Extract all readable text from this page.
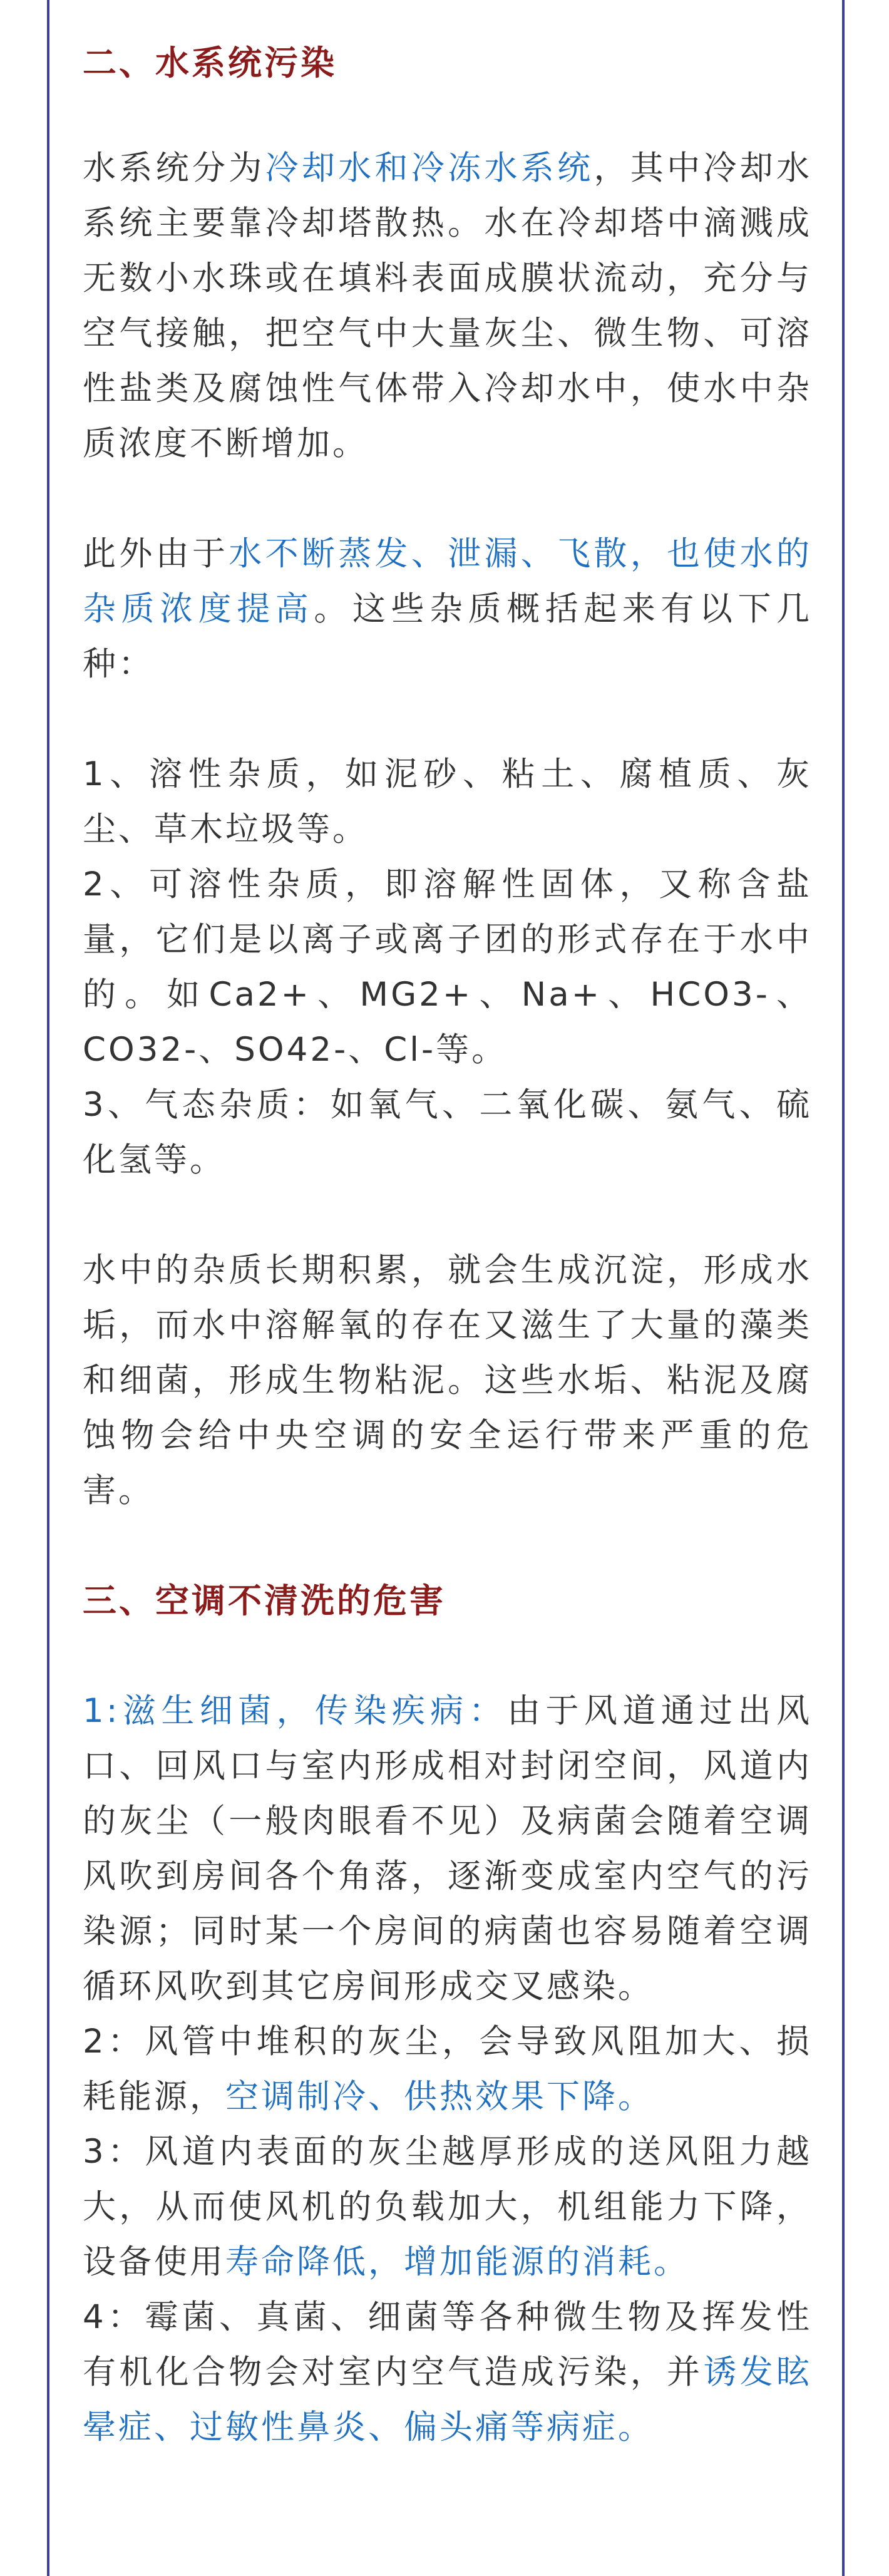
二、水系统污染

水系统分为冷却水和冷冻水系统，其中冷却水系统主要靠冷却塔散热。水在冷却塔中滴溅成无数小水珠或在填料表面成膜状流动，充分与空气接触，把空气中大量灰尘、微生物、可溶性盐类及腐蚀性气体带入冷却水中，使水中杂质浓度不断增加。

此外由于水不断蒸发、泄漏、飞散，也使水的杂质浓度提高。这些杂质概括起来有以下几种：

1、溶性杂质，如泥砂、粘土、腐植质、灰尘、草木垃圾等。

2、可溶性杂质，即溶解性固体，又称含盐量，它们是以离子或离子团的形式存在于水中的。如Ca2+、MG2+、Na+、HCO3-、CO32-、SO42-、Cl-等。

3、气态杂质：如氧气、二氧化碳、氨气、硫化氢等。

水中的杂质长期积累，就会生成沉淀，形成水垢，而水中溶解氧的存在又滋生了大量的藻类和细菌，形成生物粘泥。这些水垢、粘泥及腐蚀物会给中央空调的安全运行带来严重的危害。

三、空调不清洗的危害

1:滋生细菌，传染疾病：由于风道通过出风口、回风口与室内形成相对封闭空间，风道内的灰尘（一般肉眼看不见）及病菌会随着空调风吹到房间各个角落，逐渐变成室内空气的污染源；同时某一个房间的病菌也容易随着空调循环风吹到其它房间形成交叉感染。

2：风管中堆积的灰尘，会导致风阻加大、损耗能源，空调制冷、供热效果下降。

3：风道内表面的灰尘越厚形成的送风阻力越大，从而使风机的负载加大，机组能力下降，设备使用寿命降低，增加能源的消耗。

4：霉菌、真菌、细菌等各种微生物及挥发性有机化合物会对室内空气造成污染，并诱发眩晕症、过敏性鼻炎、偏头痛等病症。
